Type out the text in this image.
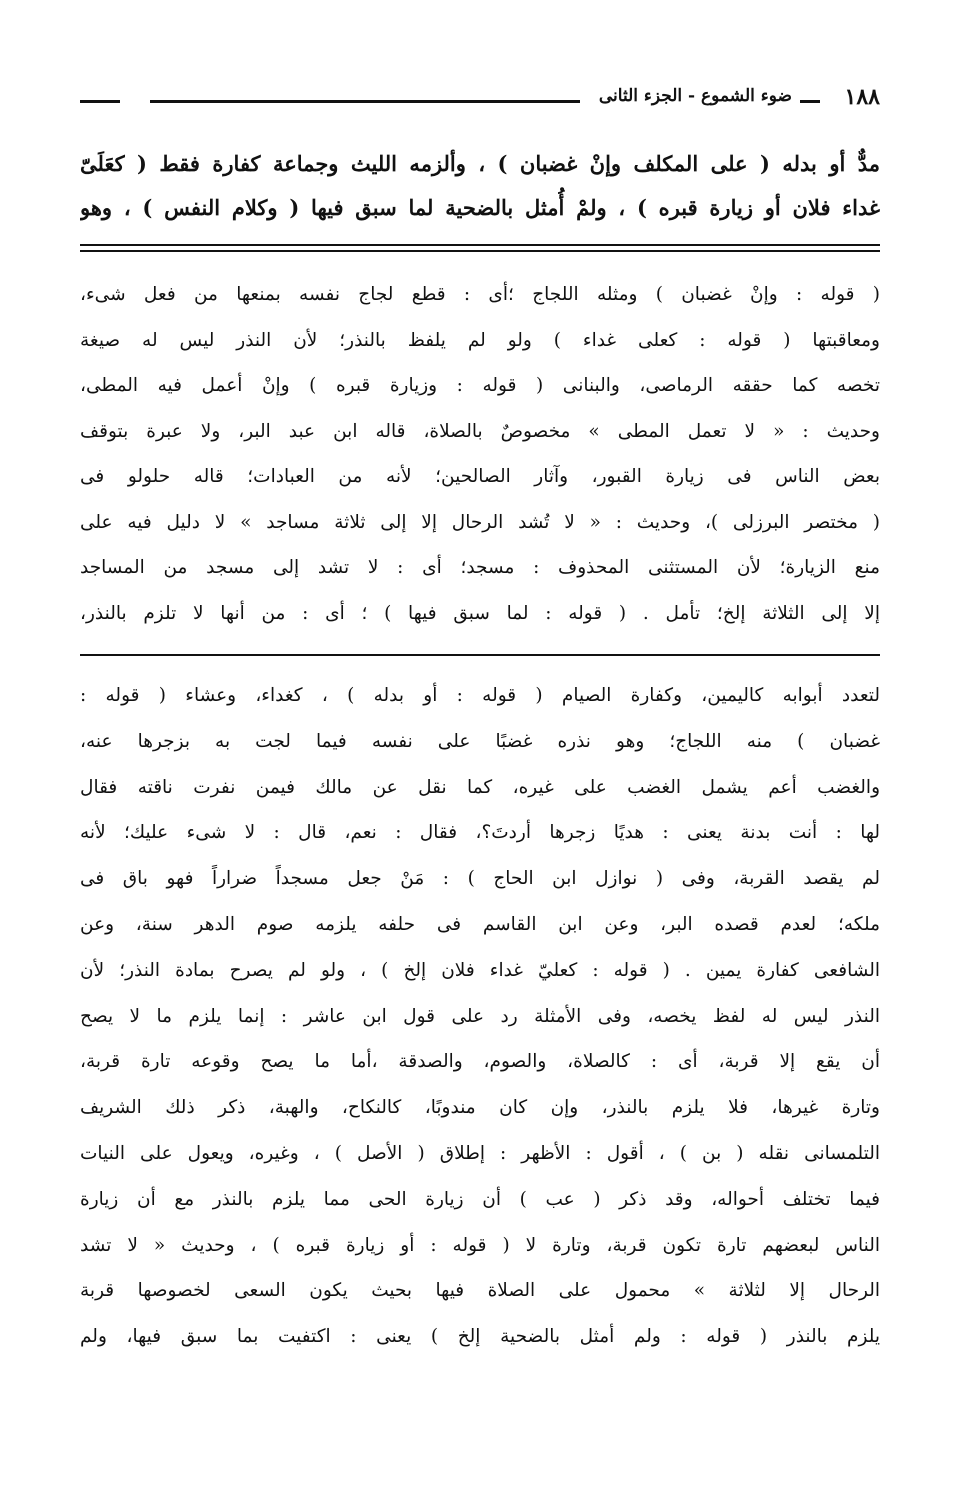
١٨٨
ضوء الشموع - الجزء الثانى
مدٌّ أو بدله ( على المكلف وإنْ غضبان ) ، وألزمه الليث وجماعة كفارة فقط ( كعَلَىّ
غداء فلان أو زيارة قبره ) ، ولمْ أُمثل بالضحية لما سبق فيها ( وكلام النفس ) ، وهو
( قوله : وإنْ غضبان ) ومثله اللجاج ؛أى : قطع لجاج نفسه بمنعها من فعل شىء،
ومعاقبتها ( قوله : كعلى غداء ) ولو لم يلفظ بالنذر؛ لأن النذر ليس له صيغة
تخصه كما حققه الرماصى، والبنانى ( قوله : وزيارة قبره ) وإنْ أعمل فيه المطى،
وحديث : « لا تعمل المطى » مخصوصٌ بالصلاة، قاله ابن عبد البر، ولا عبرة بتوقف
بعض الناس فى زيارة القبور، وآثار الصالحين؛ لأنه من العبادات؛ قاله حلولو فى
( مختصر البرزلى )، وحديث : « لا تُشد الرحال إلا إلى ثلاثة مساجد » لا دليل فيه على
منع الزيارة؛ لأن المستثنى المحذوف : مسجد؛ أى : لا تشد إلى مسجد من المساجد
إلا إلى الثلاثة إلخ؛ تأمل . ( قوله : لما سبق فيها ) ؛ أى : من أنها لا تلزم بالنذر،
لتعدد أبوابه كاليمين، وكفارة الصيام ( قوله : أو بدله ) ، كغداء، وعشاء ( قوله :
غضبان ) منه اللجاج؛ وهو نذره غضبًا على نفسه فيما لجت به بزجرها عنه،
والغضب أعم يشمل الغضب على غيره، كما نقل عن مالك فيمن نفرت ناقته فقال
لها : أنت بدنة يعنى : هديًا زجرها أردتَ؟، فقال : نعم، قال : لا شىء عليك؛ لأنه
لم يقصد القربة، وفى ( نوازل ابن الحاج ) : مَنْ جعل مسجداً ضراراً فهو باق فى
ملكه؛ لعدم قصده البر، وعن ابن القاسم فى حلفه يلزمه صوم الدهر سنة، وعن
الشافعى كفارة يمين . ( قوله : كعليّ غداء فلان إلخ ) ، ولو لم يصرح بمادة النذر؛ لأن
النذر ليس له لفظ يخصه، وفى الأمثلة رد على قول ابن عاشر : إنما يلزم ما لا يصح
أن يقع إلا قربة، أى : كالصلاة، والصوم، والصدقة ،أما ما يصح وقوعه تارة قربة،
وتارة غيرها، فلا يلزم بالنذر، وإن كان مندوبًا، كالنكاح، والهبة، ذكر ذلك الشريف
التلمسانى نقله ( بن ) ، أقول : الأظهر : إطلاق ( الأصل ) ، وغيره، ويعول على النيات
فيما تختلف أحواله، وقد ذكر ( عب ) أن زيارة الحى مما يلزم بالنذر مع أن زيارة
الناس لبعضهم تارة تكون قربة، وتارة لا ( قوله : أو زيارة قبره ) ، وحديث « لا تشد
الرحال إلا لثلاثة » محمول على الصلاة فيها بحيث يكون السعى لخصوصها قربة
يلزم بالنذر ( قوله : ولم أمثل بالضحية إلخ ) يعنى : اكتفيت بما سبق فيها، ولم
